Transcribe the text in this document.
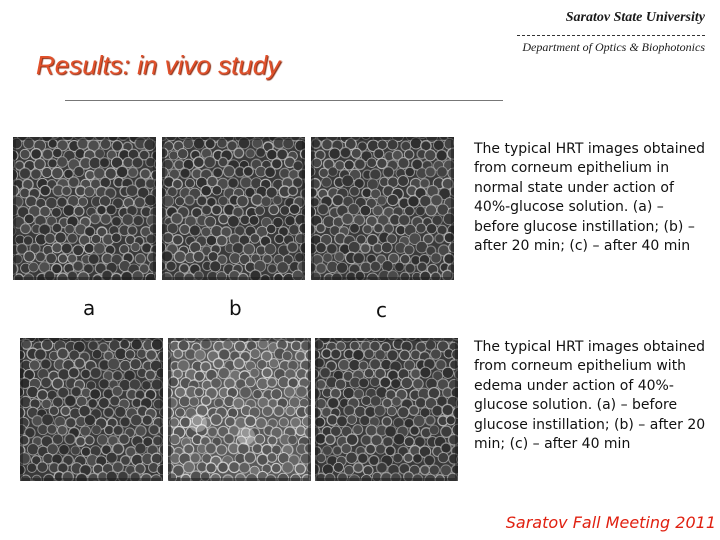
Saratov State University
Department of Optics & Biophotonics
Results: in vivo study
a	b	c
The typical HRT images obtained from corneum epithelium in normal state under action of 40%-glucose solution. (a) – before glucose instillation; (b) – after 20 min; (c) – after 40 min
The typical HRT images obtained from corneum epithelium with edema under action of 40%-glucose solution. (a) – before glucose instillation; (b) – after 20 min; (c) – after 40 min
Saratov Fall Meeting 2011
